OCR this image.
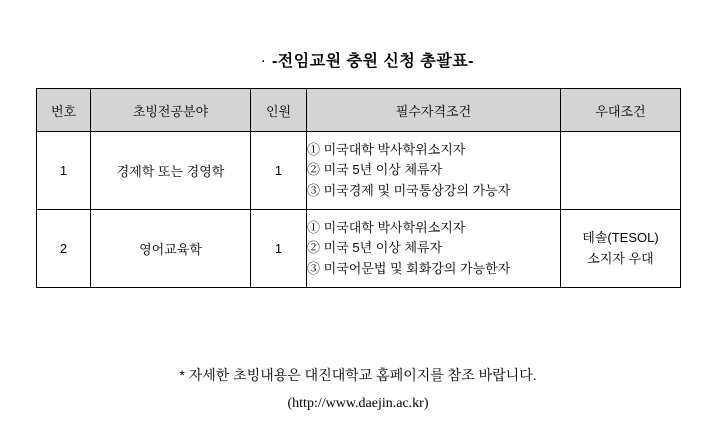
· -전임교원 충원 신청 총괄표-

번호	초빙전공분야	인원	필수자격조건	우대조건
1	경제학 또는 경영학	1	① 미국대학 박사학위소지자
② 미국 5년 이상 체류자
③ 미국경제 및 미국통상강의 가능자	

2	영어교육학	1	① 미국대학 박사학위소지자
② 미국 5년 이상 체류자
③ 미국어문법 및 회화강의 가능한자	테솔(TESOL)
소지자 우대
* 자세한 초빙내용은 대진대학교 홈페이지를 참조 바랍니다.
(http://www.daejin.ac.kr)
